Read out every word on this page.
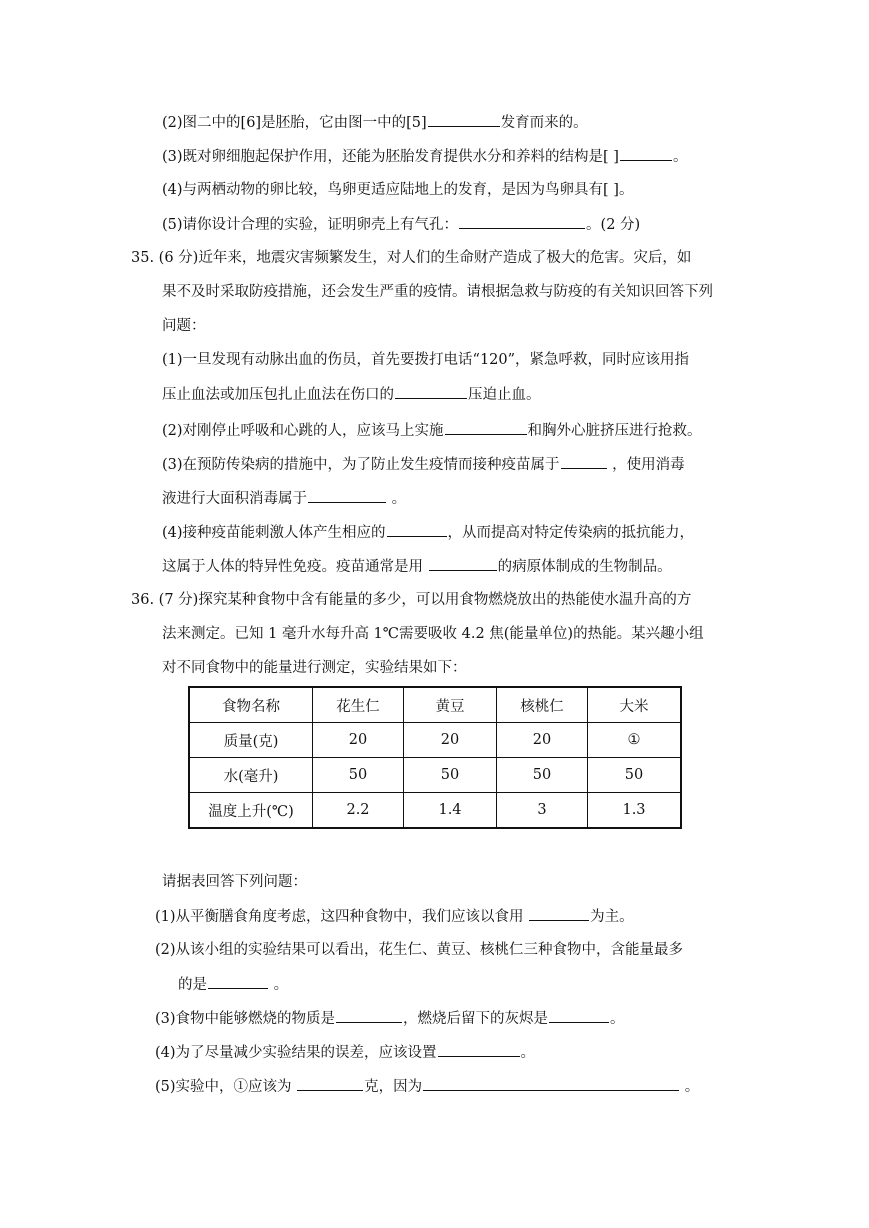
(2)图二中的[6]是胚胎，它由图一中的[5]	发育而来的。
(3)既对卵细胞起保护作用，还能为胚胎发育提供水分和养料的结构是[ ]	。
(4)与两栖动物的卵比较，鸟卵更适应陆地上的发育，是因为鸟卵具有[ ]。
(5)请你设计合理的实验，证明卵壳上有气孔：	。(2 分)
35. (6 分)近年来，地震灾害频繁发生，对人们的生命财产造成了极大的危害。灾后，如
果不及时采取防疫措施，还会发生严重的疫情。请根据急救与防疫的有关知识回答下列
问题：
(1)一旦发现有动脉出血的伤员，首先要拨打电话“120”，紧急呼救，同时应该用指
压止血法或加压包扎止血法在伤口的	压迫止血。
(2)对刚停止呼吸和心跳的人，应该马上实施	和胸外心脏挤压进行抢救。
(3)在预防传染病的措施中，为了防止发生疫情而接种疫苗属于	，使用消毒
液进行大面积消毒属于	。
(4)接种疫苗能刺激人体产生相应的	，从而提高对特定传染病的抵抗能力，
这属于人体的特异性免疫。疫苗通常是用	的病原体制成的生物制品。
36. (7 分)探究某种食物中含有能量的多少，可以用食物燃烧放出的热能使水温升高的方
法来测定。已知 1 毫升水每升高 1℃需要吸收 4.2 焦(能量单位)的热能。某兴趣小组
对不同食物中的能量进行测定，实验结果如下：
食物名称	花生仁	黄豆	核桃仁	大米
质量(克)	20	20	20	①
水(毫升)	50	50	50	50
温度上升(℃)	2.2	1.4	3	1.3
请据表回答下列问题：
(1)从平衡膳食角度考虑，这四种食物中，我们应该以食用	为主。
(2)从该小组的实验结果可以看出，花生仁、黄豆、核桃仁三种食物中，含能量最多
的是	。
(3)食物中能够燃烧的物质是	，燃烧后留下的灰烬是	。
(4)为了尽量减少实验结果的误差，应该设置	。
(5)实验中，①应该为	克，因为	。
